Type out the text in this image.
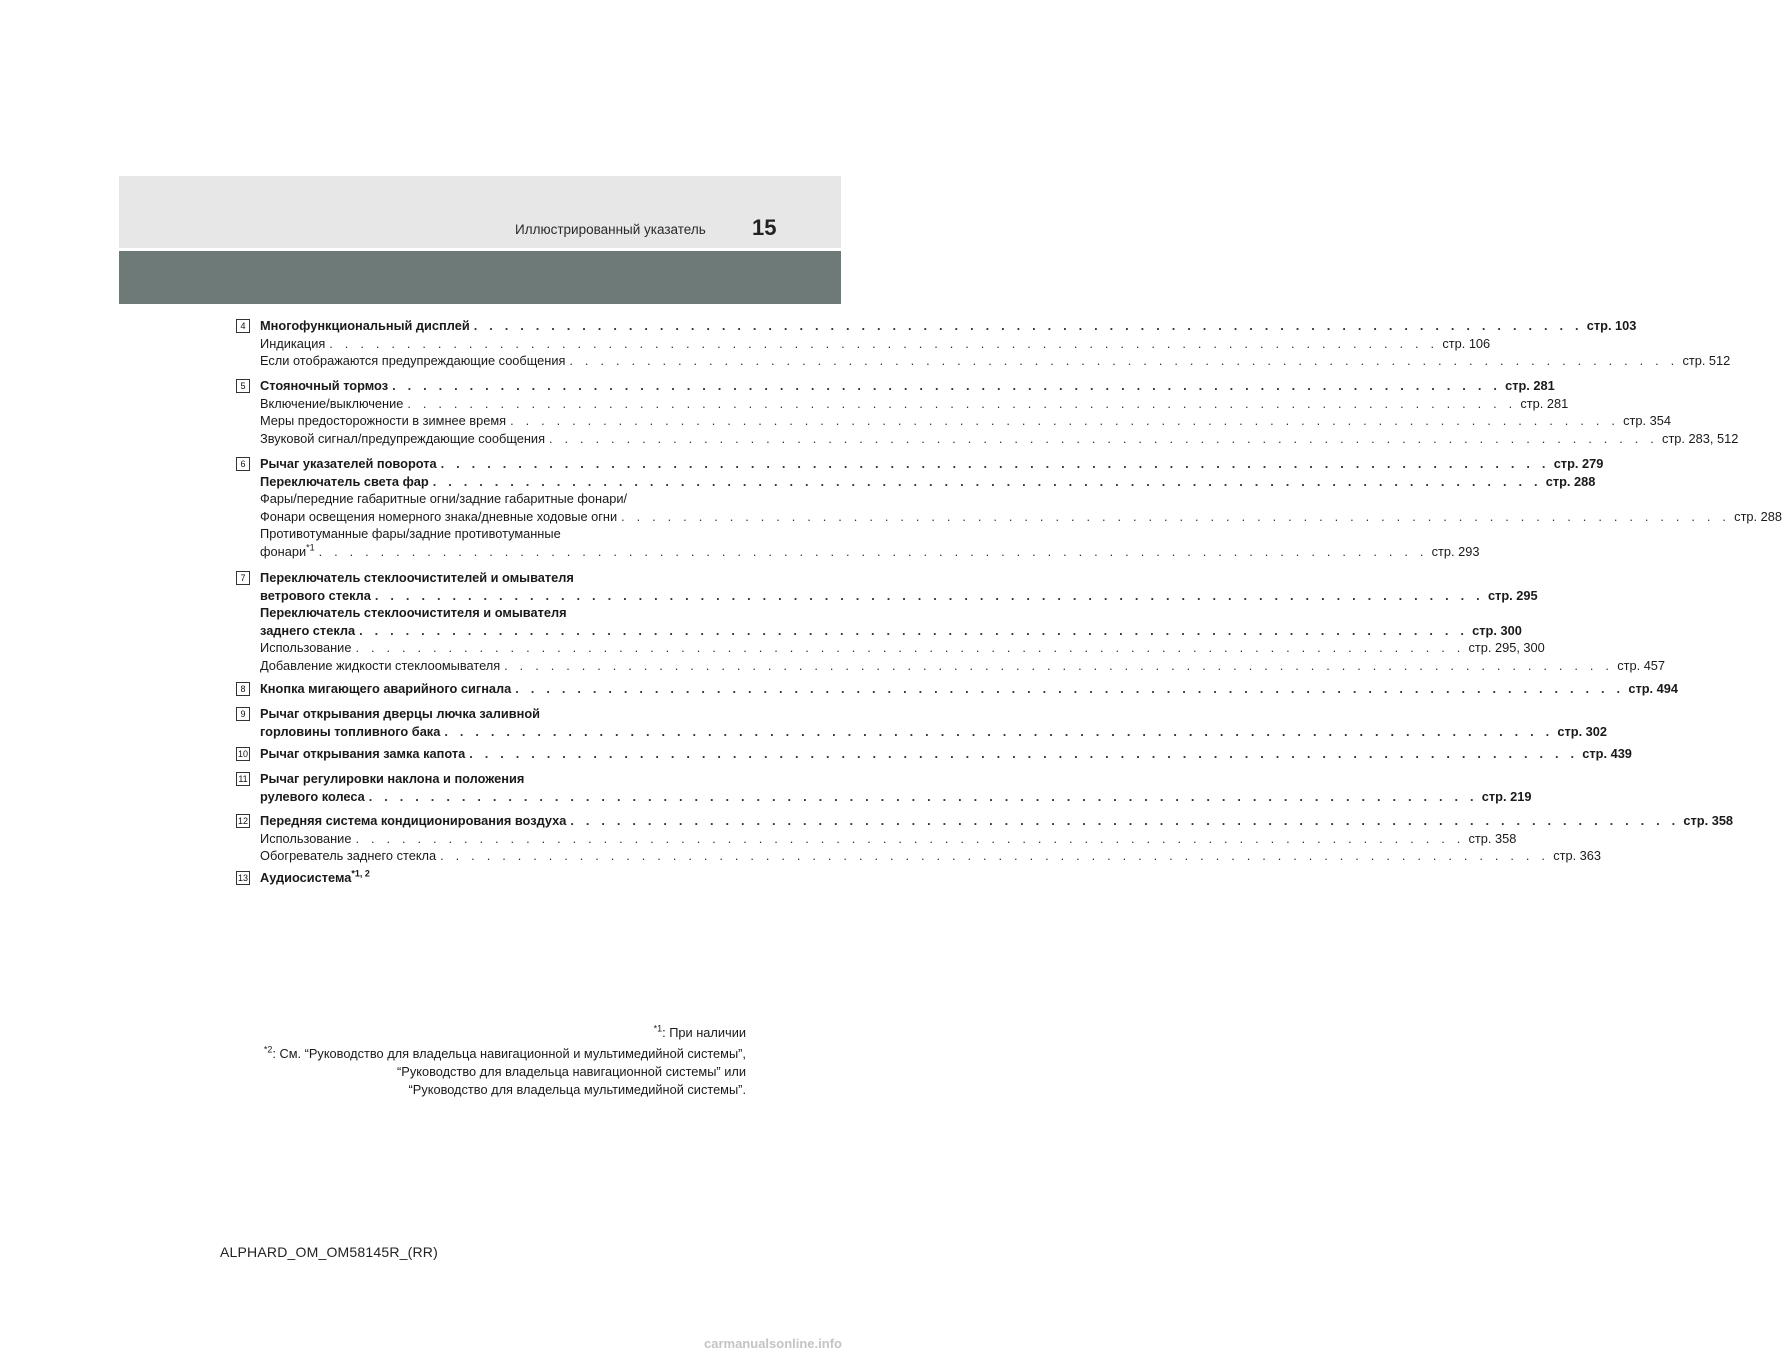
Иллюстрированный указатель 15
4	Многофункциональный дисплей . . . . . . . . . . . . . . . . . . . . . . . . . . . . . . . . . . . . . . . . . . . . . . . . . . . . . . . . . . . . . . . . . . . . . . . . стр. 103
Индикация . . . . . . . . . . . . . . . . . . . . . . . . . . . . . . . . . . . . . . . . . . . . . . . . . . . . . . . . . . . . . . . . . . . . . . . . стр. 106
Если отображаются предупреждающие сообщения . . . . . . . . . . . . . . . . . . . . . . . . . . . . . . . . . . . . . . . . . . . . . . . . . . . . . . . . . . . . . . . . . . . . . . . . стр. 512
5	Стояночный тормоз . . . . . . . . . . . . . . . . . . . . . . . . . . . . . . . . . . . . . . . . . . . . . . . . . . . . . . . . . . . . . . . . . . . . . . . . стр. 281
Включение/выключение . . . . . . . . . . . . . . . . . . . . . . . . . . . . . . . . . . . . . . . . . . . . . . . . . . . . . . . . . . . . . . . . . . . . . . . . стр. 281
Меры предосторожности в зимнее время . . . . . . . . . . . . . . . . . . . . . . . . . . . . . . . . . . . . . . . . . . . . . . . . . . . . . . . . . . . . . . . . . . . . . . . . стр. 354
Звуковой сигнал/предупреждающие сообщения . . . . . . . . . . . . . . . . . . . . . . . . . . . . . . . . . . . . . . . . . . . . . . . . . . . . . . . . . . . . . . . . . . . . . . . . стр. 283, 512
6	Рычаг указателей поворота . . . . . . . . . . . . . . . . . . . . . . . . . . . . . . . . . . . . . . . . . . . . . . . . . . . . . . . . . . . . . . . . . . . . . . . . стр. 279
Переключатель света фар . . . . . . . . . . . . . . . . . . . . . . . . . . . . . . . . . . . . . . . . . . . . . . . . . . . . . . . . . . . . . . . . . . . . . . . . стр. 288
Фары/передние габаритные огни/задние габаритные фонари/
Фонари освещения номерного знака/дневные ходовые огни . . . . . . . . . . . . . . . . . . . . . . . . . . . . . . . . . . . . . . . . . . . . . . . . . . . . . . . . . . . . . . . . . . . . . . . . стр. 288
Противотуманные фары/задние противотуманные
фонари$^{*1}$ . . . . . . . . . . . . . . . . . . . . . . . . . . . . . . . . . . . . . . . . . . . . . . . . . . . . . . . . . . . . . . . . . . . . . . . . стр. 293
7	Переключатель стеклоочистителей и омывателя
ветрового стекла . . . . . . . . . . . . . . . . . . . . . . . . . . . . . . . . . . . . . . . . . . . . . . . . . . . . . . . . . . . . . . . . . . . . . . . . стр. 295
Переключатель стеклоочистителя и омывателя
заднего стекла . . . . . . . . . . . . . . . . . . . . . . . . . . . . . . . . . . . . . . . . . . . . . . . . . . . . . . . . . . . . . . . . . . . . . . . . стр. 300
Использование . . . . . . . . . . . . . . . . . . . . . . . . . . . . . . . . . . . . . . . . . . . . . . . . . . . . . . . . . . . . . . . . . . . . . . . . стр. 295, 300
Добавление жидкости стеклоомывателя . . . . . . . . . . . . . . . . . . . . . . . . . . . . . . . . . . . . . . . . . . . . . . . . . . . . . . . . . . . . . . . . . . . . . . . . стр. 457
8	Кнопка мигающего аварийного сигнала . . . . . . . . . . . . . . . . . . . . . . . . . . . . . . . . . . . . . . . . . . . . . . . . . . . . . . . . . . . . . . . . . . . . . . . . стр. 494
9	Рычаг открывания дверцы лючка заливной
горловины топливного бака . . . . . . . . . . . . . . . . . . . . . . . . . . . . . . . . . . . . . . . . . . . . . . . . . . . . . . . . . . . . . . . . . . . . . . . . стр. 302
10 Рычаг открывания замка капота . . . . . . . . . . . . . . . . . . . . . . . . . . . . . . . . . . . . . . . . . . . . . . . . . . . . . . . . . . . . . . . . . . . . . . . . стр. 439
11 Рычаг регулировки наклона и положения
рулевого колеса . . . . . . . . . . . . . . . . . . . . . . . . . . . . . . . . . . . . . . . . . . . . . . . . . . . . . . . . . . . . . . . . . . . . . . . . стр. 219
12 Передняя система кондиционирования воздуха . . . . . . . . . . . . . . . . . . . . . . . . . . . . . . . . . . . . . . . . . . . . . . . . . . . . . . . . . . . . . . . . . . . . . . . . стр. 358
Использование . . . . . . . . . . . . . . . . . . . . . . . . . . . . . . . . . . . . . . . . . . . . . . . . . . . . . . . . . . . . . . . . . . . . . . . . стр. 358
Обогреватель заднего стекла . . . . . . . . . . . . . . . . . . . . . . . . . . . . . . . . . . . . . . . . . . . . . . . . . . . . . . . . . . . . . . . . . . . . . . . . стр. 363
13 Аудиосистема$^{*1, 2}$
$^{*1}$: При наличии
$^{*2}$: См. “Руководство для владельца навигационной и мультимедийной системы”,
“Руководство для владельца навигационной системы” или
“Руководство для владельца мультимедийной системы”.
ALPHARD_OM_OM58145R_(RR)
carmanualsonline.info
